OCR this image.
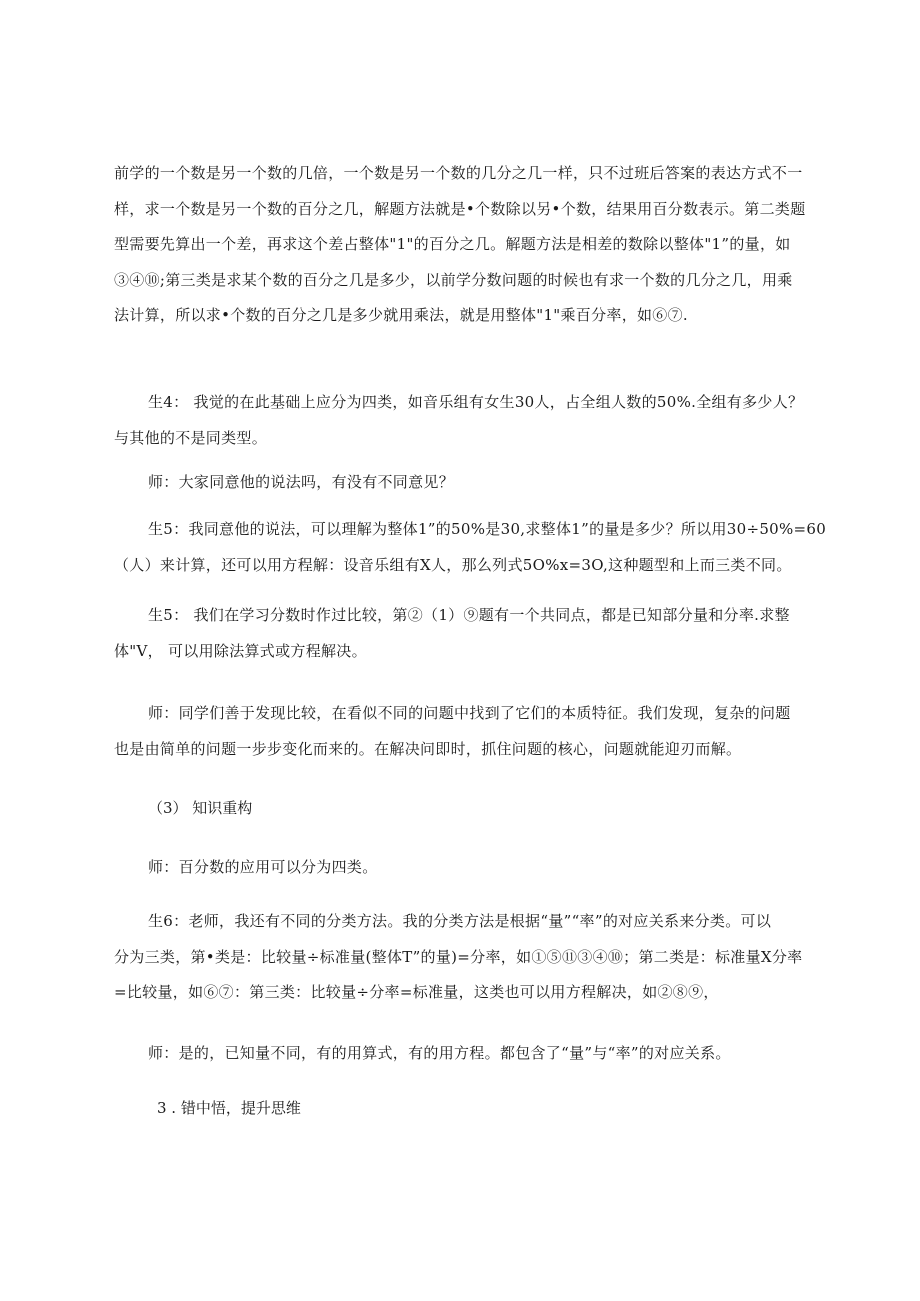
前学的一个数是另一个数的几倍，一个数是另一个数的几分之几一样，只不过班后答案的表达方式不一
样，求一个数是另一个数的百分之几，解题方法就是•个数除以另•个数，结果用百分数表示。第二类题
型需要先算出一个差，再求这个差占整体"1"的百分之几。解题方法是相差的数除以整体"1”的量，如
③④⑩;第三类是求某个数的百分之几是多少，以前学分数问题的时候也有求一个数的几分之几，用乘
法计算，所以求•个数的百分之几是多少就用乘法，就是用整体"1"乘百分率，如⑥⑦.

生4： 我觉的在此基础上应分为四类，如音乐组有女生30人，占全组人数的50%.全组有多少人？
与其他的不是同类型。

师：大家同意他的说法吗，有没有不同意见？

生5：我同意他的说法，可以理解为整体1”的50%是30,求整体1”的量是多少？所以用30÷50%=60
（人）来计算，还可以用方程解：设音乐组有X人，那么列式5O%x=3O,这种题型和上而三类不同。

生5： 我们在学习分数时作过比较，第②（1）⑨题有一个共同点，都是已知部分量和分率.求整
体"V， 可以用除法算式或方程解决。

师：同学们善于发现比较，在看似不同的问题中找到了它们的本质特征。我们发现，复杂的问题
也是由简单的问题一步步变化而来的。在解决问即时，抓住问题的核心，问题就能迎刃而解。

（3） 知识重构

师：百分数的应用可以分为四类。

生6：老师，我还有不同的分类方法。我的分类方法是根据“量”“率”的对应关系来分类。可以
分为三类，第•类是：比较量÷标准量(整体T”的量)=分率，如①⑤⑪③④⑩；第二类是：标准量X分率
=比较量，如⑥⑦：第三类：比较量÷分率=标准量，这类也可以用方程解决，如②⑧⑨，

师：是的，已知量不同，有的用算式，有的用方程。都包含了“量”与“率”的对应关系。

3 . 错中悟，提升思维
